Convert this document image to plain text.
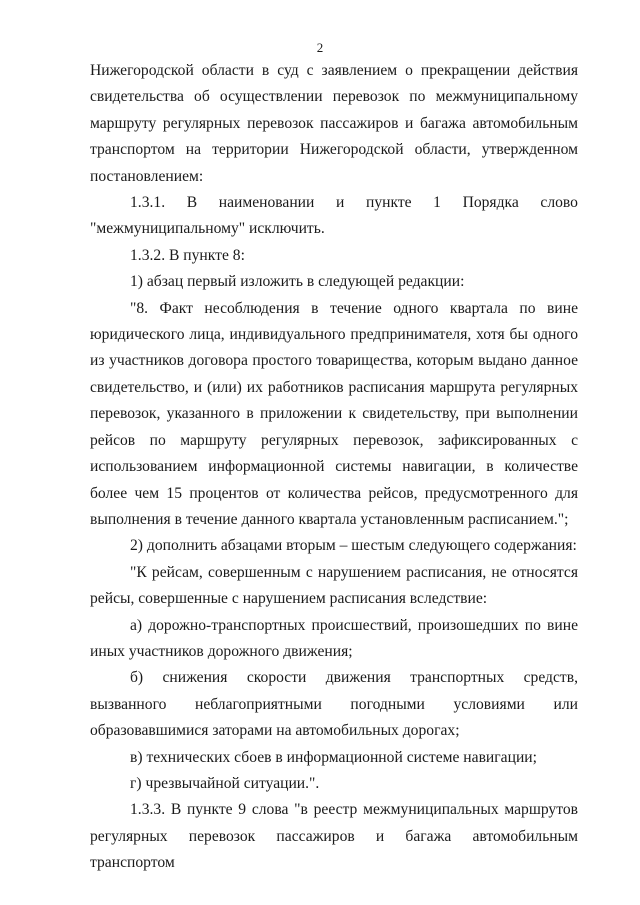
2

Нижегородской области в суд с заявлением о прекращении действия свидетельства об осуществлении перевозок по межмуниципальному маршруту регулярных перевозок пассажиров и багажа автомобильным транспортом на территории Нижегородской области, утвержденном постановлением:

1.3.1. В наименовании и пункте 1 Порядка слово

"межмуниципальному" исключить.

1.3.2. В пункте 8:

1) абзац первый изложить в следующей редакции:

"8. Факт несоблюдения в течение одного квартала по вине юридического лица, индивидуального предпринимателя, хотя бы одного из участников договора простого товарищества, которым выдано данное свидетельство, и (или) их работников расписания маршрута регулярных перевозок, указанного в приложении к свидетельству, при выполнении рейсов по маршруту регулярных перевозок, зафиксированных с использованием информационной системы навигации, в количестве более чем 15 процентов от количества рейсов, предусмотренного для выполнения в течение данного квартала установленным расписанием.";

2) дополнить абзацами вторым – шестым следующего содержания:

"К рейсам, совершенным с нарушением расписания, не относятся рейсы, совершенные с нарушением расписания вследствие:

а) дорожно-транспортных происшествий, произошедших по вине иных участников дорожного движения;

б) снижения скорости движения транспортных средств, вызванного неблагоприятными погодными условиями или образовавшимися заторами на автомобильных дорогах;

в) технических сбоев в информационной системе навигации;

г) чрезвычайной ситуации.".

1.3.3. В пункте 9 слова "в реестр межмуниципальных маршрутов регулярных перевозок пассажиров и багажа автомобильным транспортом
